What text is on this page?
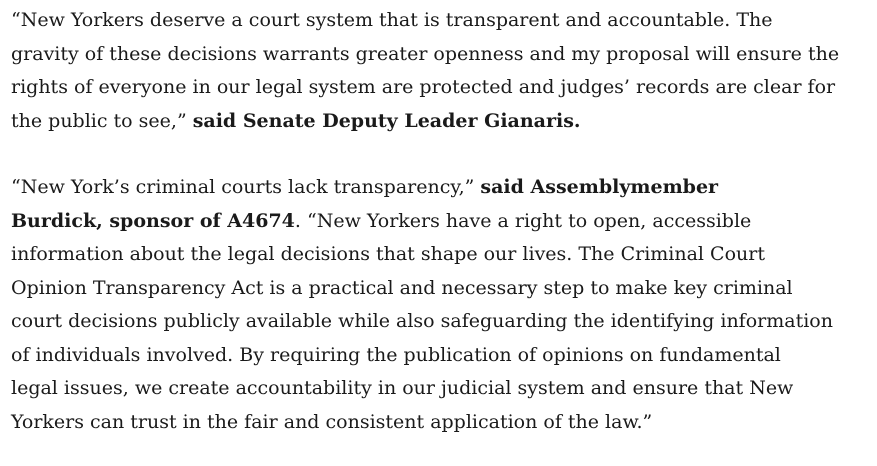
“New Yorkers deserve a court system that is transparent and accountable. The
gravity of these decisions warrants greater openness and my proposal will ensure the
rights of everyone in our legal system are protected and judges’ records are clear for
the public to see,” said Senate Deputy Leader Gianaris.

“New York’s criminal courts lack transparency,” said Assemblymember
Burdick, sponsor of A4674. “New Yorkers have a right to open, accessible
information about the legal decisions that shape our lives. The Criminal Court
Opinion Transparency Act is a practical and necessary step to make key criminal
court decisions publicly available while also safeguarding the identifying information
of individuals involved. By requiring the publication of opinions on fundamental
legal issues, we create accountability in our judicial system and ensure that New
Yorkers can trust in the fair and consistent application of the law.”
